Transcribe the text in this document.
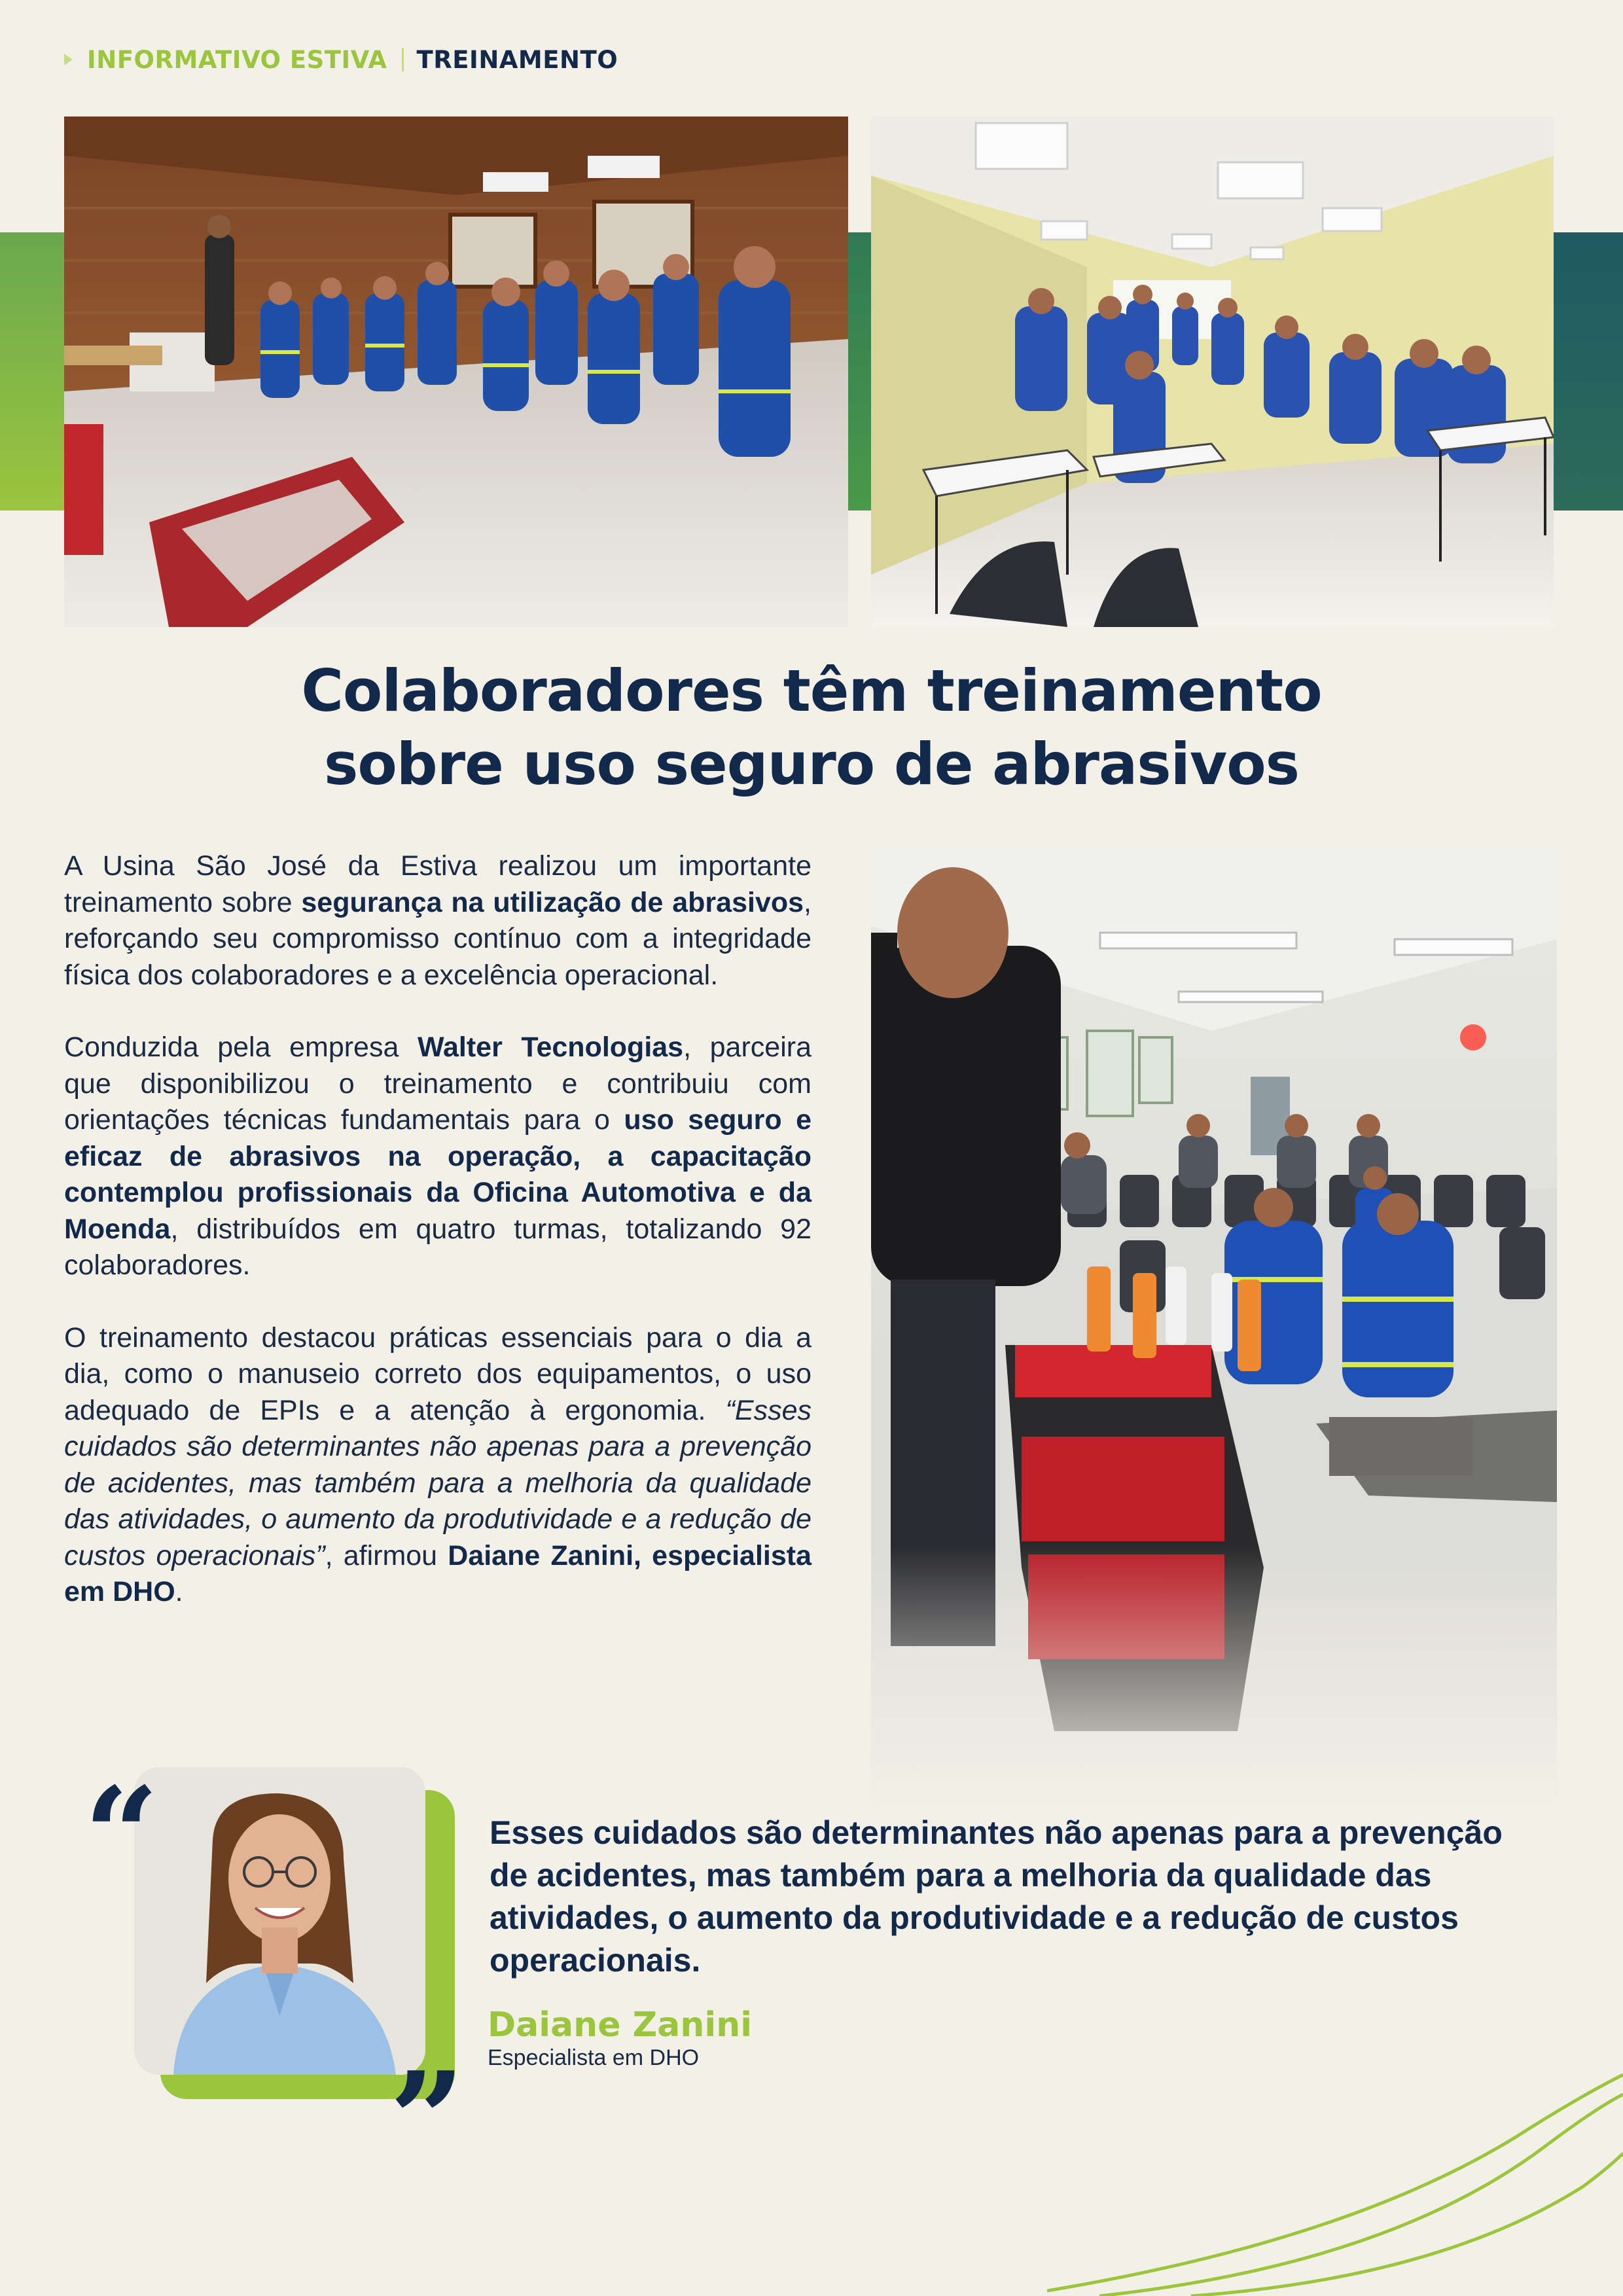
INFORMATIVO ESTIVA TREINAMENTO
Colaboradores têm treinamento
sobre uso seguro de abrasivos

A Usina São José da Estiva realizou um importante treinamento sobre segurança na utilização de abrasivos, reforçando seu compromisso contínuo com a integridade física dos colaboradores e a excelência operacional.

Conduzida pela empresa Walter Tecnologias, parceira que disponibilizou o treinamento e contribuiu com orientações técnicas fundamentais para o uso seguro e eficaz de abrasivos na operação, a capacitação contemplou profissionais da Oficina Automotiva e da Moenda, distribuídos em quatro turmas, totalizando 92 colaboradores.

O treinamento destacou práticas essenciais para o dia a dia, como o manuseio correto dos equipamentos, o uso adequado de EPIs e a atenção à ergonomia. “Esses cuidados são determinantes não apenas para a prevenção de acidentes, mas também para a melhoria da qualidade das atividades, o aumento da produtividade e a redução de custos operacionais”, afirmou Daiane Zanini, especialista em DHO.

“
”
Esses cuidados são determinantes não apenas para a prevenção de acidentes, mas também para a melhoria da qualidade das atividades, o aumento da produtividade e a redução de custos operacionais.
Daiane Zanini
Especialista em DHO
